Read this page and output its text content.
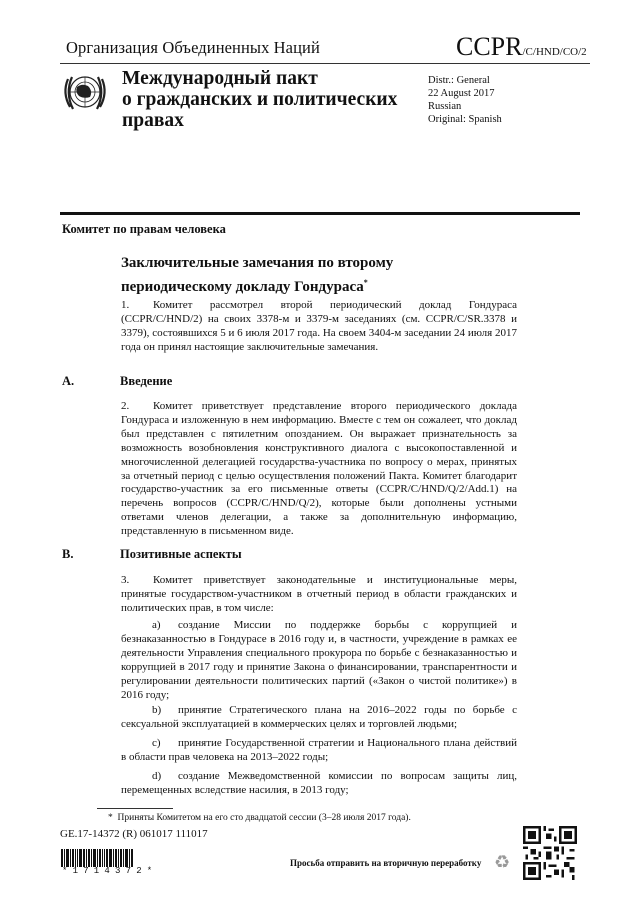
Организация Объединенных Наций	CCPR/C/HND/CO/2
Международный пакт
о гражданских и политических
правах
Distr.: General
22 August 2017
Russian
Original: Spanish
Комитет по правам человека
Заключительные замечания по второму
периодическому докладу Гондураса*
1. Комитет рассмотрел второй периодический доклад Гондураса (CCPR/C/HND/2) на своих 3378-м и 3379-м заседаниях (см. CCPR/C/SR.3378 и 3379), состоявшихся 5 и 6 июля 2017 года. На своем 3404-м заседании 24 июля 2017 года он принял настоящие заключительные замечания.
A.	Введение
2. Комитет приветствует представление второго периодического доклада Гондураса и изложенную в нем информацию. Вместе с тем он сожалеет, что доклад был представлен с пятилетним опозданием. Он выражает признательность за возможность возобновления конструктивного диалога с высокопоставленной и многочисленной делегацией государства-участника по вопросу о мерах, принятых за отчетный период с целью осуществления положений Пакта. Комитет благодарит государство-участник за его письменные ответы (CCPR/C/HND/Q/2/Add.1) на перечень вопросов (CCPR/C/HND/Q/2), которые были дополнены устными ответами членов делегации, а также за дополнительную информацию, представленную в письменном виде.
B.	Позитивные аспекты
3. Комитет приветствует законодательные и институциональные меры, принятые государством-участником в отчетный период в области гражданских и политических прав, в том числе:
a) создание Миссии по поддержке борьбы с коррупцией и безнаказанностью в Гондурасе в 2016 году и, в частности, учреждение в рамках ее деятельности Управления специального прокурора по борьбе с безнаказанностью и коррупцией в 2017 году и принятие Закона о финансировании, транспарентности и регулировании деятельности политических партий («Закон о чистой политике») в 2016 году;
b) принятие Стратегического плана на 2016–2022 годы по борьбе с сексуальной эксплуатацией в коммерческих целях и торговлей людьми;
c) принятие Государственной стратегии и Национального плана действий в области прав человека на 2013–2022 годы;
d) создание Межведомственной комиссии по вопросам защиты лиц, перемещенных вследствие насилия, в 2013 году;
* Приняты Комитетом на его сто двадцатой сессии (3–28 июля 2017 года).
GE.17-14372 (R) 061017 111017
*1714372*
Просьба отправить на вторичную переработку ♻
